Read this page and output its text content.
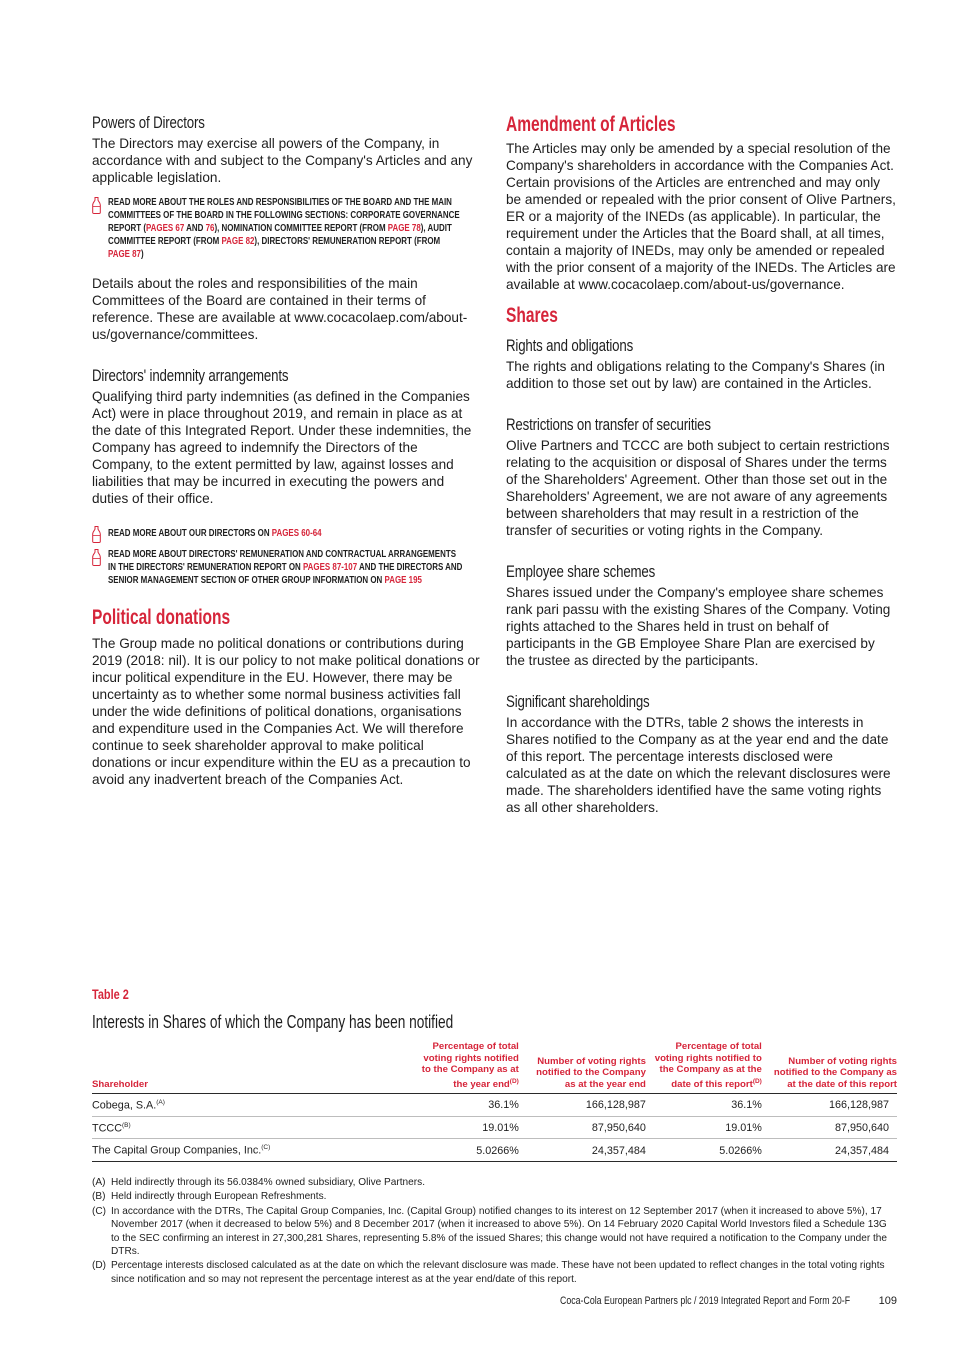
Powers of Directors

The Directors may exercise all powers of the Company, in accordance with and subject to the Company's Articles and any applicable legislation.

READ MORE ABOUT THE ROLES AND RESPONSIBILITIES OF THE BOARD AND THE MAIN COMMITTEES OF THE BOARD IN THE FOLLOWING SECTIONS: CORPORATE GOVERNANCE REPORT (PAGES 67 AND 76), NOMINATION COMMITTEE REPORT (FROM PAGE 78), AUDIT COMMITTEE REPORT (FROM PAGE 82), DIRECTORS' REMUNERATION REPORT (FROM PAGE 87)

Details about the roles and responsibilities of the main Committees of the Board are contained in their terms of reference. These are available at www.cocacolaep.com/about-us/governance/committees.

Directors' indemnity arrangements

Qualifying third party indemnities (as defined in the Companies Act) were in place throughout 2019, and remain in place as at the date of this Integrated Report. Under these indemnities, the Company has agreed to indemnify the Directors of the Company, to the extent permitted by law, against losses and liabilities that may be incurred in executing the powers and duties of their office.

READ MORE ABOUT OUR DIRECTORS ON PAGES 60-64
READ MORE ABOUT DIRECTORS' REMUNERATION AND CONTRACTUAL ARRANGEMENTS IN THE DIRECTORS' REMUNERATION REPORT ON PAGES 87-107 AND THE DIRECTORS AND SENIOR MANAGEMENT SECTION OF OTHER GROUP INFORMATION ON PAGE 195
Political donations

The Group made no political donations or contributions during 2019 (2018: nil). It is our policy to not make political donations or incur political expenditure in the EU. However, there may be uncertainty as to whether some normal business activities fall under the wide definitions of political donations, organisations and expenditure used in the Companies Act. We will therefore continue to seek shareholder approval to make political donations or incur expenditure within the EU as a precaution to avoid any inadvertent breach of the Companies Act.

Amendment of Articles

The Articles may only be amended by a special resolution of the Company's shareholders in accordance with the Companies Act. Certain provisions of the Articles are entrenched and may only be amended or repealed with the prior consent of Olive Partners, ER or a majority of the INEDs (as applicable). In particular, the requirement under the Articles that the Board shall, at all times, contain a majority of INEDs, may only be amended or repealed with the prior consent of a majority of the INEDs. The Articles are available at www.cocacolaep.com/about-us/governance.

Shares
Rights and obligations

The rights and obligations relating to the Company's Shares (in addition to those set out by law) are contained in the Articles.

Restrictions on transfer of securities

Olive Partners and TCCC are both subject to certain restrictions relating to the acquisition or disposal of Shares under the terms of the Shareholders' Agreement. Other than those set out in the Shareholders' Agreement, we are not aware of any agreements between shareholders that may result in a restriction of the transfer of securities or voting rights in the Company.

Employee share schemes

Shares issued under the Company's employee share schemes rank pari passu with the existing Shares of the Company. Voting rights attached to the Shares held in trust on behalf of participants in the GB Employee Share Plan are exercised by the trustee as directed by the participants.

Significant shareholdings

In accordance with the DTRs, table 2 shows the interests in Shares notified to the Company as at the year end and the date of this report. The percentage interests disclosed were calculated as at the date on which the relevant disclosures were made. The shareholders identified have the same voting rights as all other shareholders.

Table 2
Interests in Shares of which the Company has been notified
Shareholder	Percentage of total voting rights notified to the Company as at the year end$^{(D)}$	Number of voting rights notified to the Company as at the year end	Percentage of total voting rights notified to the Company as at the date of this report$^{(D)}$	Number of voting rights notified to the Company as at the date of this report
Cobega, S.A.$^{(A)}$	36.1%	166,128,987	36.1%	166,128,987
$TCCC^{(B)}$	19.01%	87,950,640	19.01%	87,950,640
The Capital Group Companies, Inc.$^{(C)}$	5.0266%	24,357,484	5.0266%	24,357,484
(A) Held indirectly through its 56.0384% owned subsidiary, Olive Partners.
(B) Held indirectly through European Refreshments.
(C) In accordance with the DTRs, The Capital Group Companies, Inc. (Capital Group) notified changes to its interest on 12 September 2017 (when it increased to above 5%), 17 November 2017 (when it decreased to below 5%) and 8 December 2017 (when it increased to above 5%). On 14 February 2020 Capital World Investors filed a Schedule 13G to the SEC confirming an interest in 27,300,281 Shares, representing 5.8% of the issued Shares; this change would not have required a notification to the Company under the DTRs.
(D) Percentage interests disclosed calculated as at the date on which the relevant disclosure was made. These have not been updated to reflect changes in the total voting rights since notification and so may not represent the percentage interest as at the year end/date of this report.
Coca-Cola European Partners plc / 2019 Integrated Report and Form 20-F	109
